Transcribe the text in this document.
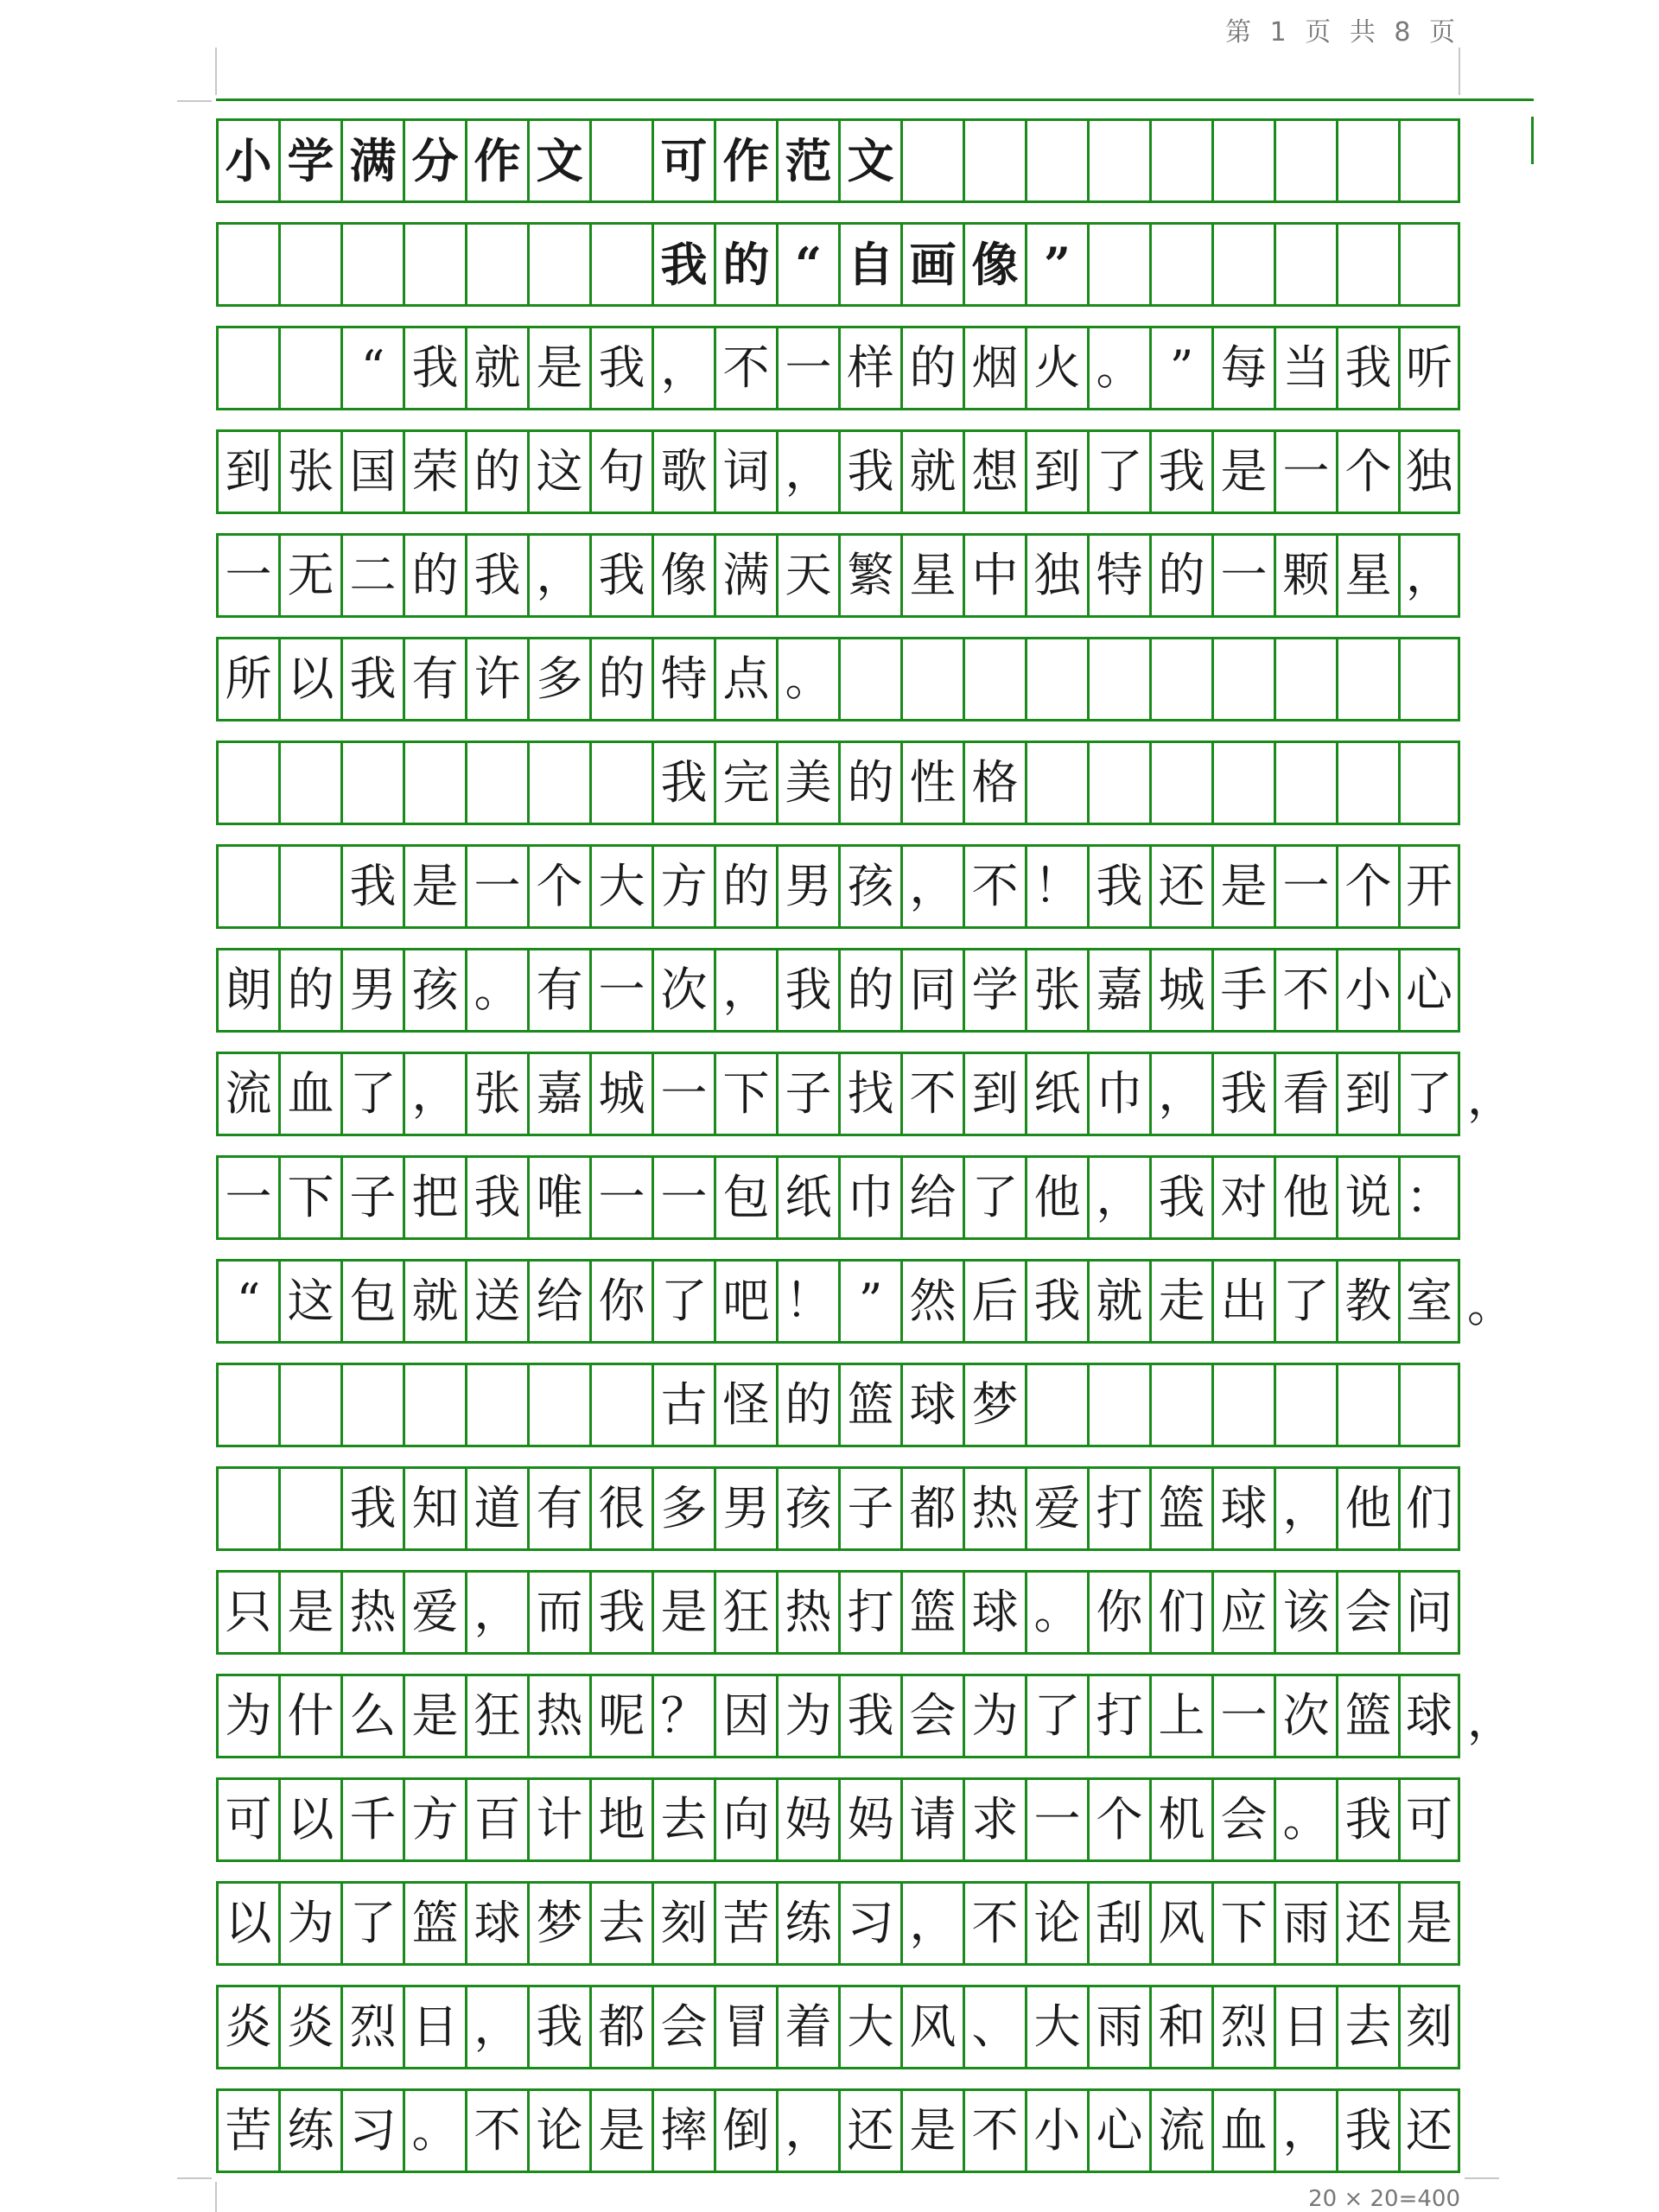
第 1 页 共 8 页
小 学 满 分 作 文 可 作 范 文
我 的 “ 自 画 像 ”
“ 我 就 是 我 ， 不 一 样 的 烟 火 。 ” 每 当 我 听
到 张 国 荣 的 这 句 歌 词 ， 我 就 想 到 了 我 是 一 个 独
一 无 二 的 我 ， 我 像 满 天 繁 星 中 独 特 的 一 颗 星 ，
所 以 我 有 许 多 的 特 点 。
我 完 美 的 性 格
我 是 一 个 大 方 的 男 孩 ， 不 ！ 我 还 是 一 个 开
朗 的 男 孩 。 有 一 次 ， 我 的 同 学 张 嘉 城 手 不 小 心
流 血 了 ， 张 嘉 城 一 下 子 找 不 到 纸 巾 ， 我 看 到 了 ，
一 下 子 把 我 唯 一 一 包 纸 巾 给 了 他 ， 我 对 他 说 ：
“ 这 包 就 送 给 你 了 吧 ！ ” 然 后 我 就 走 出 了 教 室 。
古 怪 的 篮 球 梦
我 知 道 有 很 多 男 孩 子 都 热 爱 打 篮 球 ， 他 们
只 是 热 爱 ， 而 我 是 狂 热 打 篮 球 。 你 们 应 该 会 问
为 什 么 是 狂 热 呢 ？ 因 为 我 会 为 了 打 上 一 次 篮 球 ，
可 以 千 方 百 计 地 去 向 妈 妈 请 求 一 个 机 会 。 我 可
以 为 了 篮 球 梦 去 刻 苦 练 习 ， 不 论 刮 风 下 雨 还 是
炎 炎 烈 日 ， 我 都 会 冒 着 大 风 、 大 雨 和 烈 日 去 刻
苦 练 习 。 不 论 是 摔 倒 ， 还 是 不 小 心 流 血 ， 我 还
20 × 20=400
